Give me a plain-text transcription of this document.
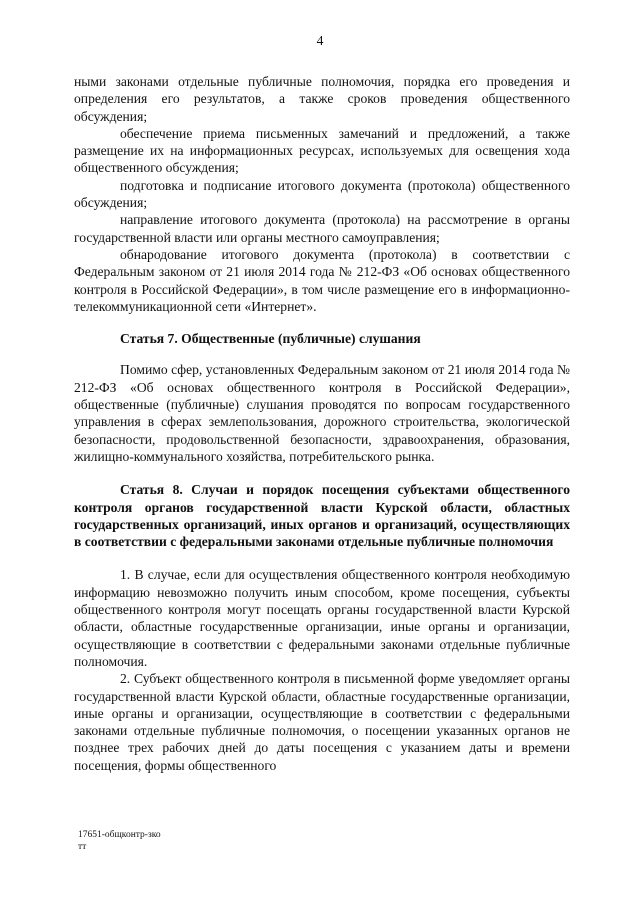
4

ными законами отдельные публичные полномочия, порядка его проведения и определения его результатов, а также сроков проведения общественного обсуждения;

обеспечение приема письменных замечаний и предложений, а также размещение их на информационных ресурсах, используемых для освещения хода общественного обсуждения;

подготовка и подписание итогового документа (протокола) общественного обсуждения;

направление итогового документа (протокола) на рассмотрение в органы государственной власти или органы местного самоуправления;

обнародование итогового документа (протокола) в соответствии с Федеральным законом от 21 июля 2014 года № 212-ФЗ «Об основах общественного контроля в Российской Федерации», в том числе размещение его в информационно-телекоммуникационной сети «Интернет».

Статья 7. Общественные (публичные) слушания

Помимо сфер, установленных Федеральным законом от 21 июля 2014 года № 212-ФЗ «Об основах общественного контроля в Российской Федерации», общественные (публичные) слушания проводятся по вопросам государственного управления в сферах землепользования, дорожного строительства, экологической безопасности, продовольственной безопасности, здравоохранения, образования, жилищно-коммунального хозяйства, потребительского рынка.

Статья 8. Случаи и порядок посещения субъектами общественного контроля органов государственной власти Курской области, областных государственных организаций, иных органов и организаций, осуществляющих в соответствии с федеральными законами отдельные публичные полномочия

1. В случае, если для осуществления общественного контроля необходимую информацию невозможно получить иным способом, кроме посещения, субъекты общественного контроля могут посещать органы государственной власти Курской области, областные государственные организации, иные органы и организации, осуществляющие в соответствии с федеральными законами отдельные публичные полномочия.

2. Субъект общественного контроля в письменной форме уведомляет органы государственной власти Курской области, областные государственные организации, иные органы и организации, осуществляющие в соответствии с федеральными законами отдельные публичные полномочия, о посещении указанных органов не позднее трех рабочих дней до даты посещения с указанием даты и времени посещения, формы общественного

17651-общконтр-зко
тт
